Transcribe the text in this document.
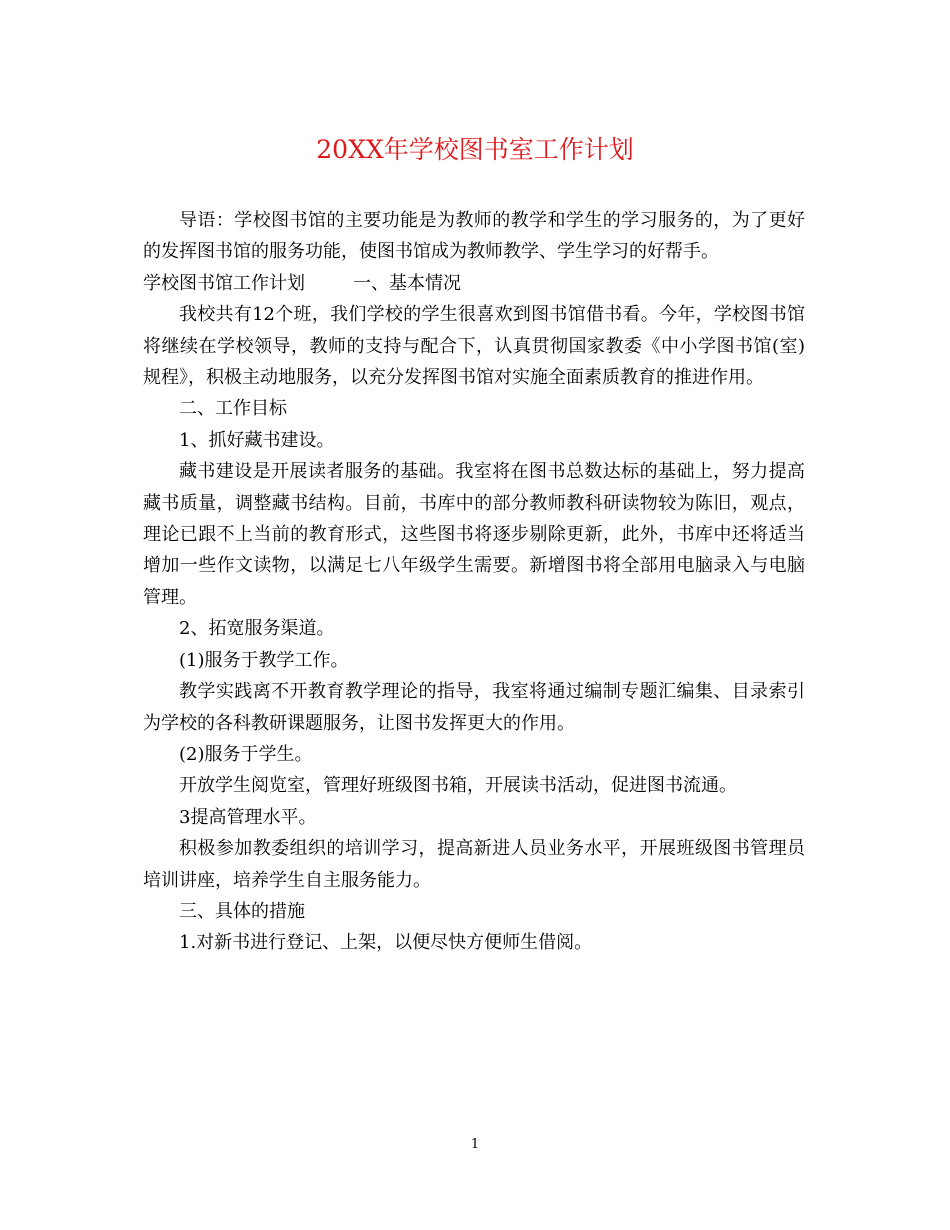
20XX年学校图书室工作计划

导语：学校图书馆的主要功能是为教师的教学和学生的学习服务的，为了更好的发挥图书馆的服务功能，使图书馆成为教师教学、学生学习的好帮手。

学校图书馆工作计划	一、基本情况

我校共有12个班，我们学校的学生很喜欢到图书馆借书看。今年，学校图书馆将继续在学校领导，教师的支持与配合下，认真贯彻国家教委《中小学图书馆(室)规程》，积极主动地服务，以充分发挥图书馆对实施全面素质教育的推进作用。

二、工作目标

1、抓好藏书建设。

藏书建设是开展读者服务的基础。我室将在图书总数达标的基础上，努力提高藏书质量，调整藏书结构。目前，书库中的部分教师教科研读物较为陈旧，观点，理论已跟不上当前的教育形式，这些图书将逐步剔除更新，此外，书库中还将适当增加一些作文读物，以满足七八年级学生需要。新增图书将全部用电脑录入与电脑管理。

2、拓宽服务渠道。

(1)服务于教学工作。

教学实践离不开教育教学理论的指导，我室将通过编制专题汇编集、目录索引为学校的各科教研课题服务，让图书发挥更大的作用。

(2)服务于学生。

开放学生阅览室，管理好班级图书箱，开展读书活动，促进图书流通。

3提高管理水平。

积极参加教委组织的培训学习，提高新进人员业务水平，开展班级图书管理员培训讲座，培养学生自主服务能力。

三、具体的措施

1.对新书进行登记、上架，以便尽快方便师生借阅。

1
